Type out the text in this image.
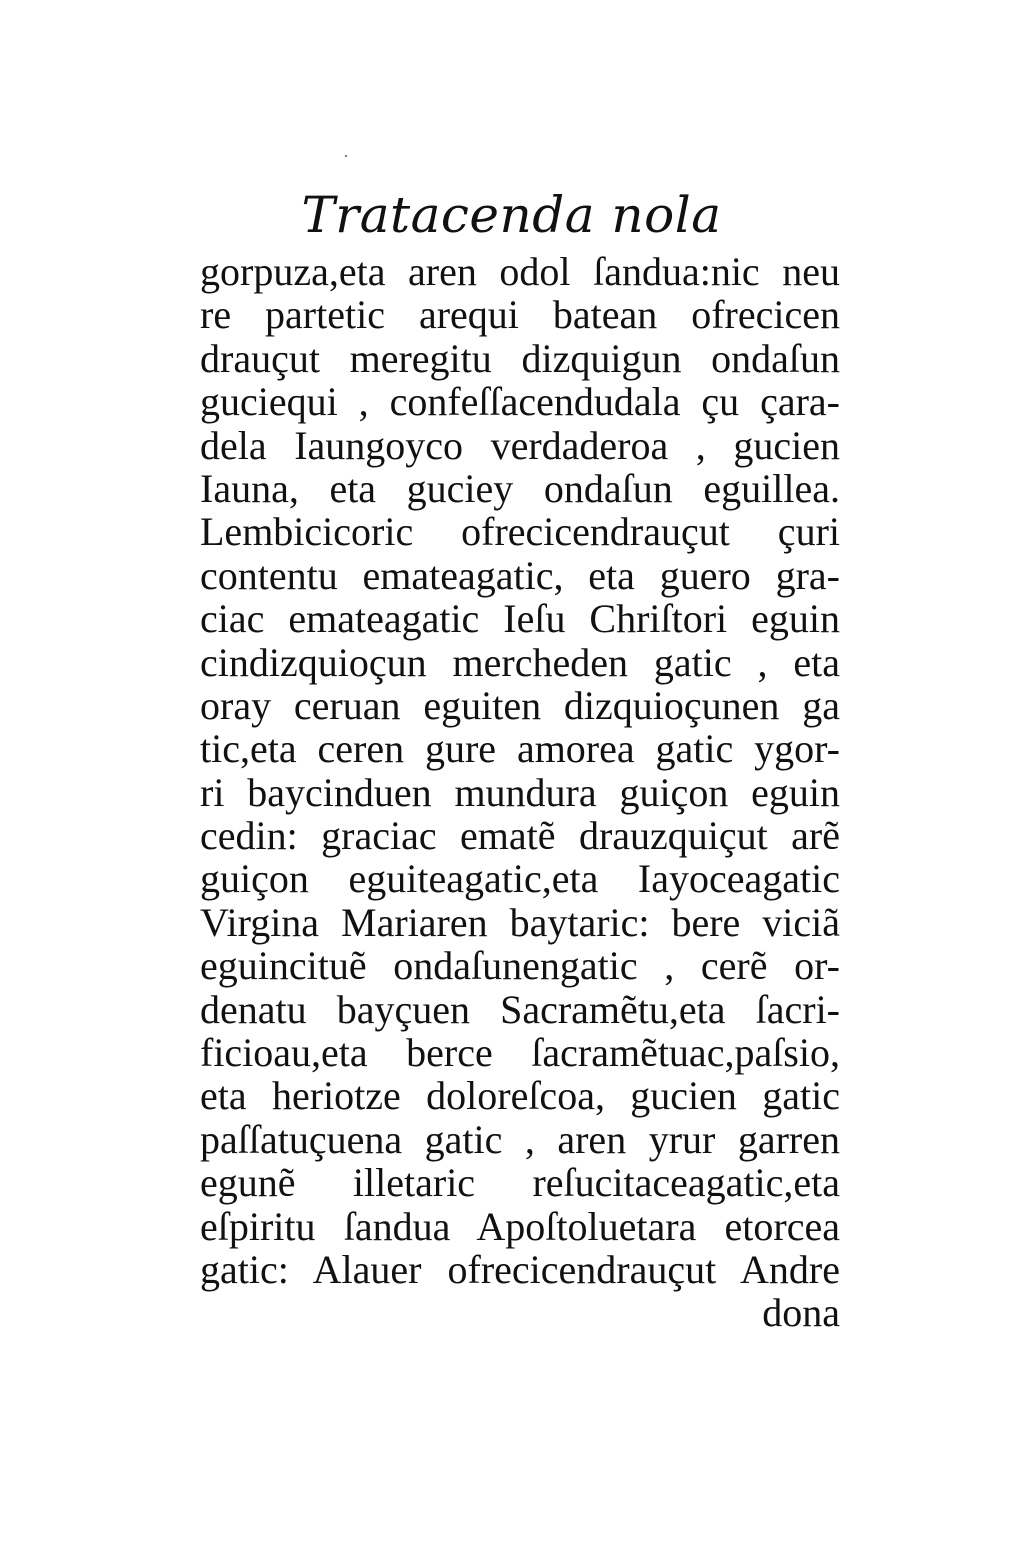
Tratacenda nola
gorpuza,eta aren odol ſandua:nic neu
re partetic arequi batean ofrecicen
drauçut meregitu dizquigun ondaſun
guciequi , confeſſacendudala çu çara-
dela Iaungoyco verdaderoa , gucien
Iauna, eta guciey ondaſun eguillea.
Lembicicoric ofrecicendrauçut çuri
contentu emateagatic, eta guero gra-
ciac emateagatic Ieſu Chriſtori eguin
cindizquioçun mercheden gatic , eta
oray ceruan eguiten dizquioçunen ga
tic,eta ceren gure amorea gatic ygor-
ri baycinduen mundura guiçon eguin
cedin: graciac ematẽ drauzquiçut arẽ
guiçon eguiteagatic,eta Iayoceagatic
Virgina Mariaren baytaric: bere viciã
eguincituẽ ondaſunengatic , cerẽ or-
denatu bayçuen Sacramẽtu,eta ſacri-
ficioau,eta berce ſacramẽtuac,paſsio,
eta heriotze doloreſcoa, gucien gatic
paſſatuçuena gatic , aren yrur garren
egunẽ illetaric reſucitaceagatic,eta
eſpiritu ſandua Apoſtoluetara etorcea
gatic: Alauer ofrecicendrauçut Andre
dona
